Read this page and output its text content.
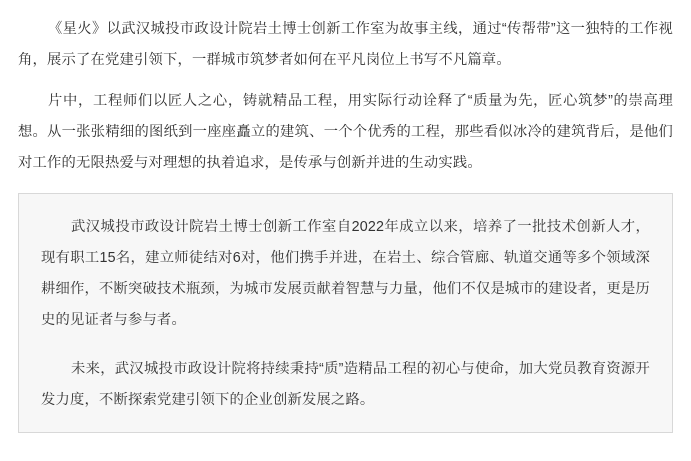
《星火》以武汉城投市政设计院岩土博士创新工作室为故事主线，通过“传帮带”这一独特的工作视角，展示了在党建引领下，一群城市筑梦者如何在平凡岗位上书写不凡篇章。

片中，工程师们以匠人之心，铸就精品工程，用实际行动诠释了“质量为先，匠心筑梦”的崇高理想。从一张张精细的图纸到一座座矗立的建筑、一个个优秀的工程，那些看似冰冷的建筑背后，是他们对工作的无限热爱与对理想的执着追求，是传承与创新并进的生动实践。

武汉城投市政设计院岩土博士创新工作室自2022年成立以来，培养了一批技术创新人才，现有职工15名，建立师徒结对6对，他们携手并进，在岩土、综合管廊、轨道交通等多个领域深耕细作，不断突破技术瓶颈，为城市发展贡献着智慧与力量，他们不仅是城市的建设者，更是历史的见证者与参与者。

未来，武汉城投市政设计院将持续秉持“质”造精品工程的初心与使命，加大党员教育资源开发力度，不断探索党建引领下的企业创新发展之路。
